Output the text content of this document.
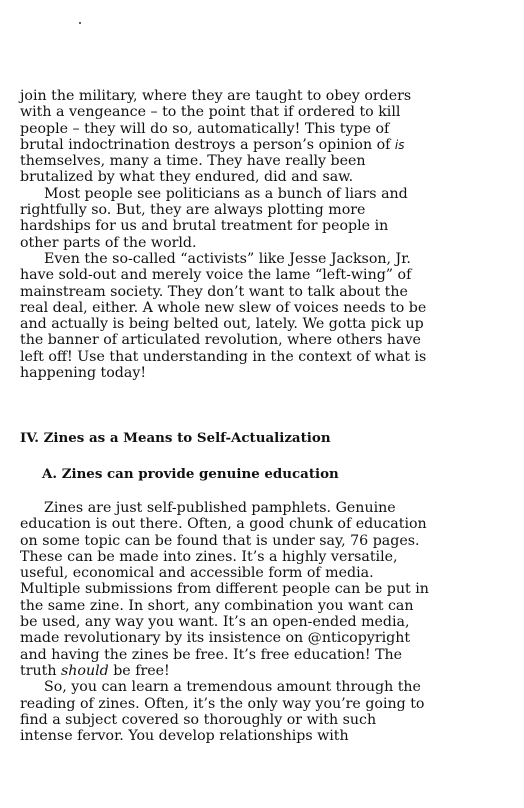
join the military, where they are taught to obey orders with a vengeance – to the point that if ordered to kill people – they will do so, automatically! This type of brutal indoctrination destroys a person’s opinion of is themselves, many a time. They have really been brutalized by what they endured, did and saw.

Most people see politicians as a bunch of liars and rightfully so. But, they are always plotting more hardships for us and brutal treatment for people in other parts of the world.

Even the so-called “activists” like Jesse Jackson, Jr. have sold-out and merely voice the lame “left-wing” of mainstream society. They don’t want to talk about the real deal, either. A whole new slew of voices needs to be and actually is being belted out, lately. We gotta pick up the banner of articulated revolution, where others have left off! Use that understanding in the context of what is happening today!

IV. Zines as a Means to Self-Actualization
A. Zines can provide genuine education

Zines are just self-published pamphlets. Genuine education is out there. Often, a good chunk of education on some topic can be found that is under say, 76 pages. These can be made into zines. It’s a highly versatile, useful, economical and accessible form of media. Multiple submissions from different people can be put in the same zine. In short, any combination you want can be used, any way you want. It’s an open-ended media, made revolutionary by its insistence on @nticopyright and having the zines be free. It’s free education! The truth should be free!

So, you can learn a tremendous amount through the reading of zines. Often, it’s the only way you’re going to find a subject covered so thoroughly or with such intense fervor. You develop relationships with
